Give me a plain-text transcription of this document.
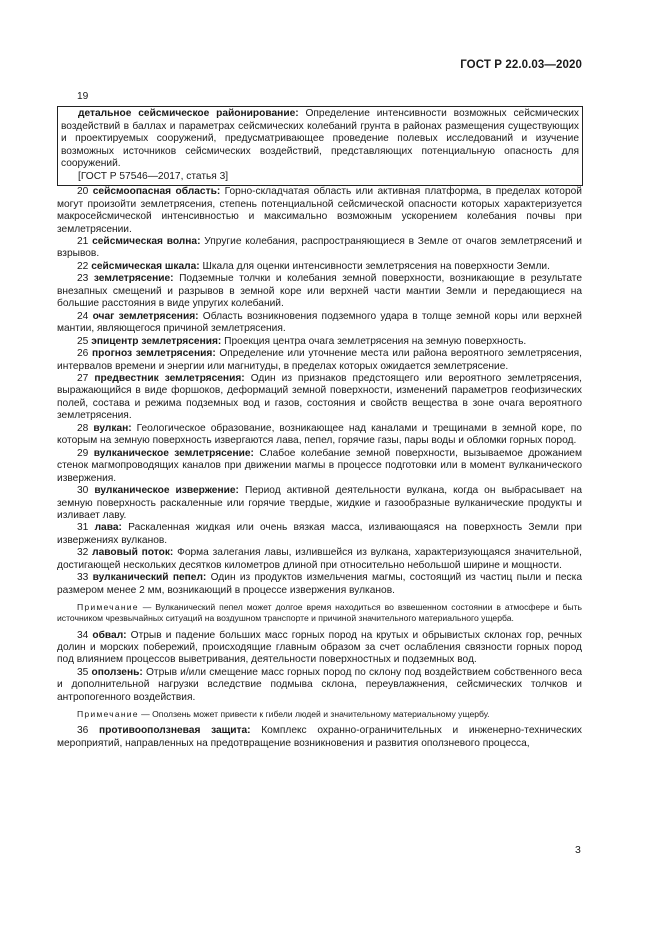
ГОСТ Р 22.0.03—2020

19

детальное сейсмическое районирование: Определение интенсивности возможных сейсмических воздействий в баллах и параметрах сейсмических колебаний грунта в районах размещения существующих и проектируемых сооружений, предусматривающее проведение полевых исследований и изучение возможных источников сейсмических воздействий, представляющих потенциальную опасность для сооружений.

[ГОСТ Р 57546—2017, статья 3]

20 сейсмоопасная область: Горно-складчатая область или активная платформа, в пределах которой могут произойти землетрясения, степень потенциальной сейсмической опасности которых характеризуется макросейсмической интенсивностью и максимально возможным ускорением колебания почвы при землетрясении.

21 сейсмическая волна: Упругие колебания, распространяющиеся в Земле от очагов землетрясений и взрывов.

22 сейсмическая шкала: Шкала для оценки интенсивности землетрясения на поверхности Земли.

23 землетрясение: Подземные толчки и колебания земной поверхности, возникающие в результате внезапных смещений и разрывов в земной коре или верхней части мантии Земли и передающиеся на большие расстояния в виде упругих колебаний.

24 очаг землетрясения: Область возникновения подземного удара в толще земной коры или верхней мантии, являющегося причиной землетрясения.

25 эпицентр землетрясения: Проекция центра очага землетрясения на земную поверхность.

26 прогноз землетрясения: Определение или уточнение места или района вероятного землетрясения, интервалов времени и энергии или магнитуды, в пределах которых ожидается землетрясение.

27 предвестник землетрясения: Один из признаков предстоящего или вероятного землетрясения, выражающийся в виде форшоков, деформаций земной поверхности, изменений параметров геофизических полей, состава и режима подземных вод и газов, состояния и свойств вещества в зоне очага вероятного землетрясения.

28 вулкан: Геологическое образование, возникающее над каналами и трещинами в земной коре, по которым на земную поверхность извергаются лава, пепел, горячие газы, пары воды и обломки горных пород.

29 вулканическое землетрясение: Слабое колебание земной поверхности, вызываемое дрожанием стенок магмопроводящих каналов при движении магмы в процессе подготовки или в момент вулканического извержения.

30 вулканическое извержение: Период активной деятельности вулкана, когда он выбрасывает на земную поверхность раскаленные или горячие твердые, жидкие и газообразные вулканические продукты и изливает лаву.

31 лава: Раскаленная жидкая или очень вязкая масса, изливающаяся на поверхность Земли при извержениях вулканов.

32 лавовый поток: Форма залегания лавы, излившейся из вулкана, характеризующаяся значительной, достигающей нескольких десятков километров длиной при относительно небольшой ширине и мощности.

33 вулканический пепел: Один из продуктов измельчения магмы, состоящий из частиц пыли и песка размером менее 2 мм, возникающий в процессе извержения вулканов.

Примечание — Вулканический пепел может долгое время находиться во взвешенном состоянии в атмосфере и быть источником чрезвычайных ситуаций на воздушном транспорте и причиной значительного материального ущерба.

34 обвал: Отрыв и падение больших масс горных пород на крутых и обрывистых склонах гор, речных долин и морских побережий, происходящие главным образом за счет ослабления связности горных пород под влиянием процессов выветривания, деятельности поверхностных и подземных вод.

35 оползень: Отрыв и/или смещение масс горных пород по склону под воздействием собственного веса и дополнительной нагрузки вследствие подмыва склона, переувлажнения, сейсмических толчков и антропогенного воздействия.

Примечание — Оползень может привести к гибели людей и значительному материальному ущербу.

36 противооползневая защита: Комплекс охранно-ограничительных и инженерно-технических мероприятий, направленных на предотвращение возникновения и развития оползневого процесса,

3
